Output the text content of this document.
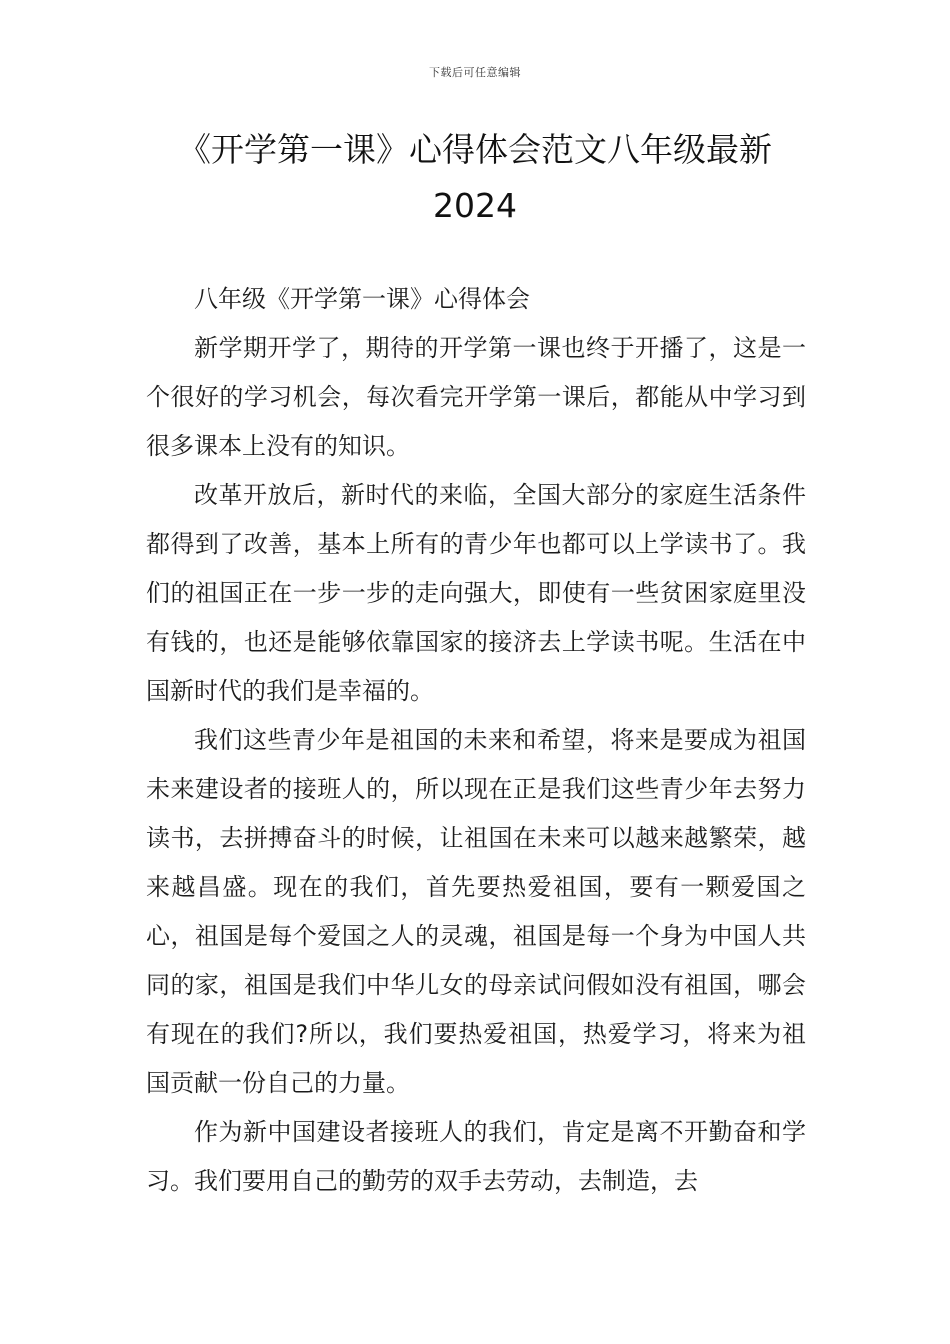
下载后可任意编辑
《开学第一课》心得体会范文八年级最新
2024

八年级《开学第一课》心得体会

新学期开学了，期待的开学第一课也终于开播了，这是一个很好的学习机会，每次看完开学第一课后，都能从中学习到很多课本上没有的知识。

改革开放后，新时代的来临，全国大部分的家庭生活条件都得到了改善，基本上所有的青少年也都可以上学读书了。我们的祖国正在一步一步的走向强大，即使有一些贫困家庭里没有钱的，也还是能够依靠国家的接济去上学读书呢。生活在中国新时代的我们是幸福的。

我们这些青少年是祖国的未来和希望，将来是要成为祖国未来建设者的接班人的，所以现在正是我们这些青少年去努力读书，去拼搏奋斗的时候，让祖国在未来可以越来越繁荣，越来越昌盛。现在的我们，首先要热爱祖国，要有一颗爱国之心，祖国是每个爱国之人的灵魂，祖国是每一个身为中国人共同的家，祖国是我们中华儿女的母亲试问假如没有祖国，哪会有现在的我们?所以，我们要热爱祖国，热爱学习，将来为祖国贡献一份自己的力量。

作为新中国建设者接班人的我们，肯定是离不开勤奋和学习。我们要用自己的勤劳的双手去劳动，去制造，去
